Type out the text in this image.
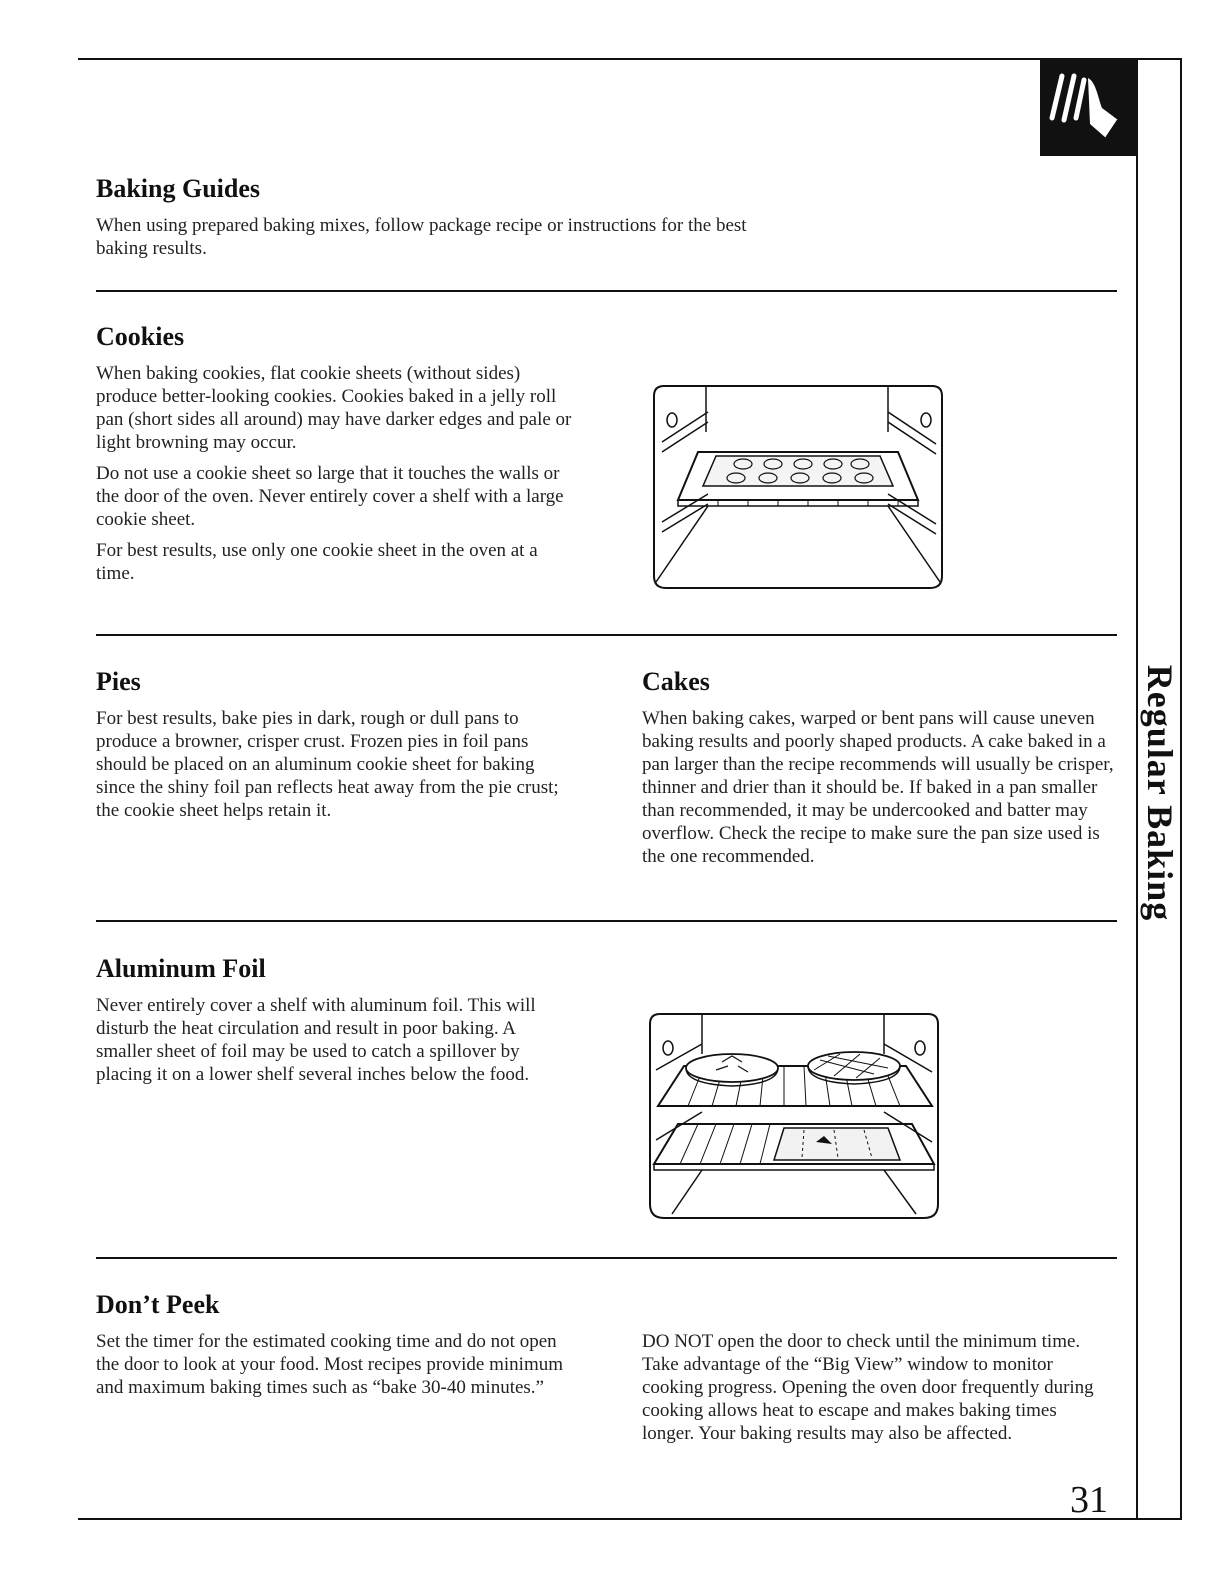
Regular Baking
Baking Guides

When using prepared baking mixes, follow package recipe or instructions for the best baking results.

Cookies

When baking cookies, flat cookie sheets (without sides) produce better-looking cookies. Cookies baked in a jelly roll pan (short sides all around) may have darker edges and pale or light browning may occur.

Do not use a cookie sheet so large that it touches the walls or the door of the oven. Never entirely cover a shelf with a large cookie sheet.

For best results, use only one cookie sheet in the oven at a time.

Pies

For best results, bake pies in dark, rough or dull pans to produce a browner, crisper crust. Frozen pies in foil pans should be placed on an aluminum cookie sheet for baking since the shiny foil pan reflects heat away from the pie crust; the cookie sheet helps retain it.

Cakes

When baking cakes, warped or bent pans will cause uneven baking results and poorly shaped products. A cake baked in a pan larger than the recipe recommends will usually be crisper, thinner and drier than it should be. If baked in a pan smaller than recommended, it may be undercooked and batter may overflow. Check the recipe to make sure the pan size used is the one recommended.

Aluminum Foil

Never entirely cover a shelf with aluminum foil. This will disturb the heat circulation and result in poor baking. A smaller sheet of foil may be used to catch a spillover by placing it on a lower shelf several inches below the food.

Don’t Peek

Set the timer for the estimated cooking time and do not open the door to look at your food. Most recipes provide minimum and maximum baking times such as “bake 30-40 minutes.”

DO NOT open the door to check until the minimum time. Take advantage of the “Big View” window to monitor cooking progress. Opening the oven door frequently during cooking allows heat to escape and makes baking times longer. Your baking results may also be affected.

31
